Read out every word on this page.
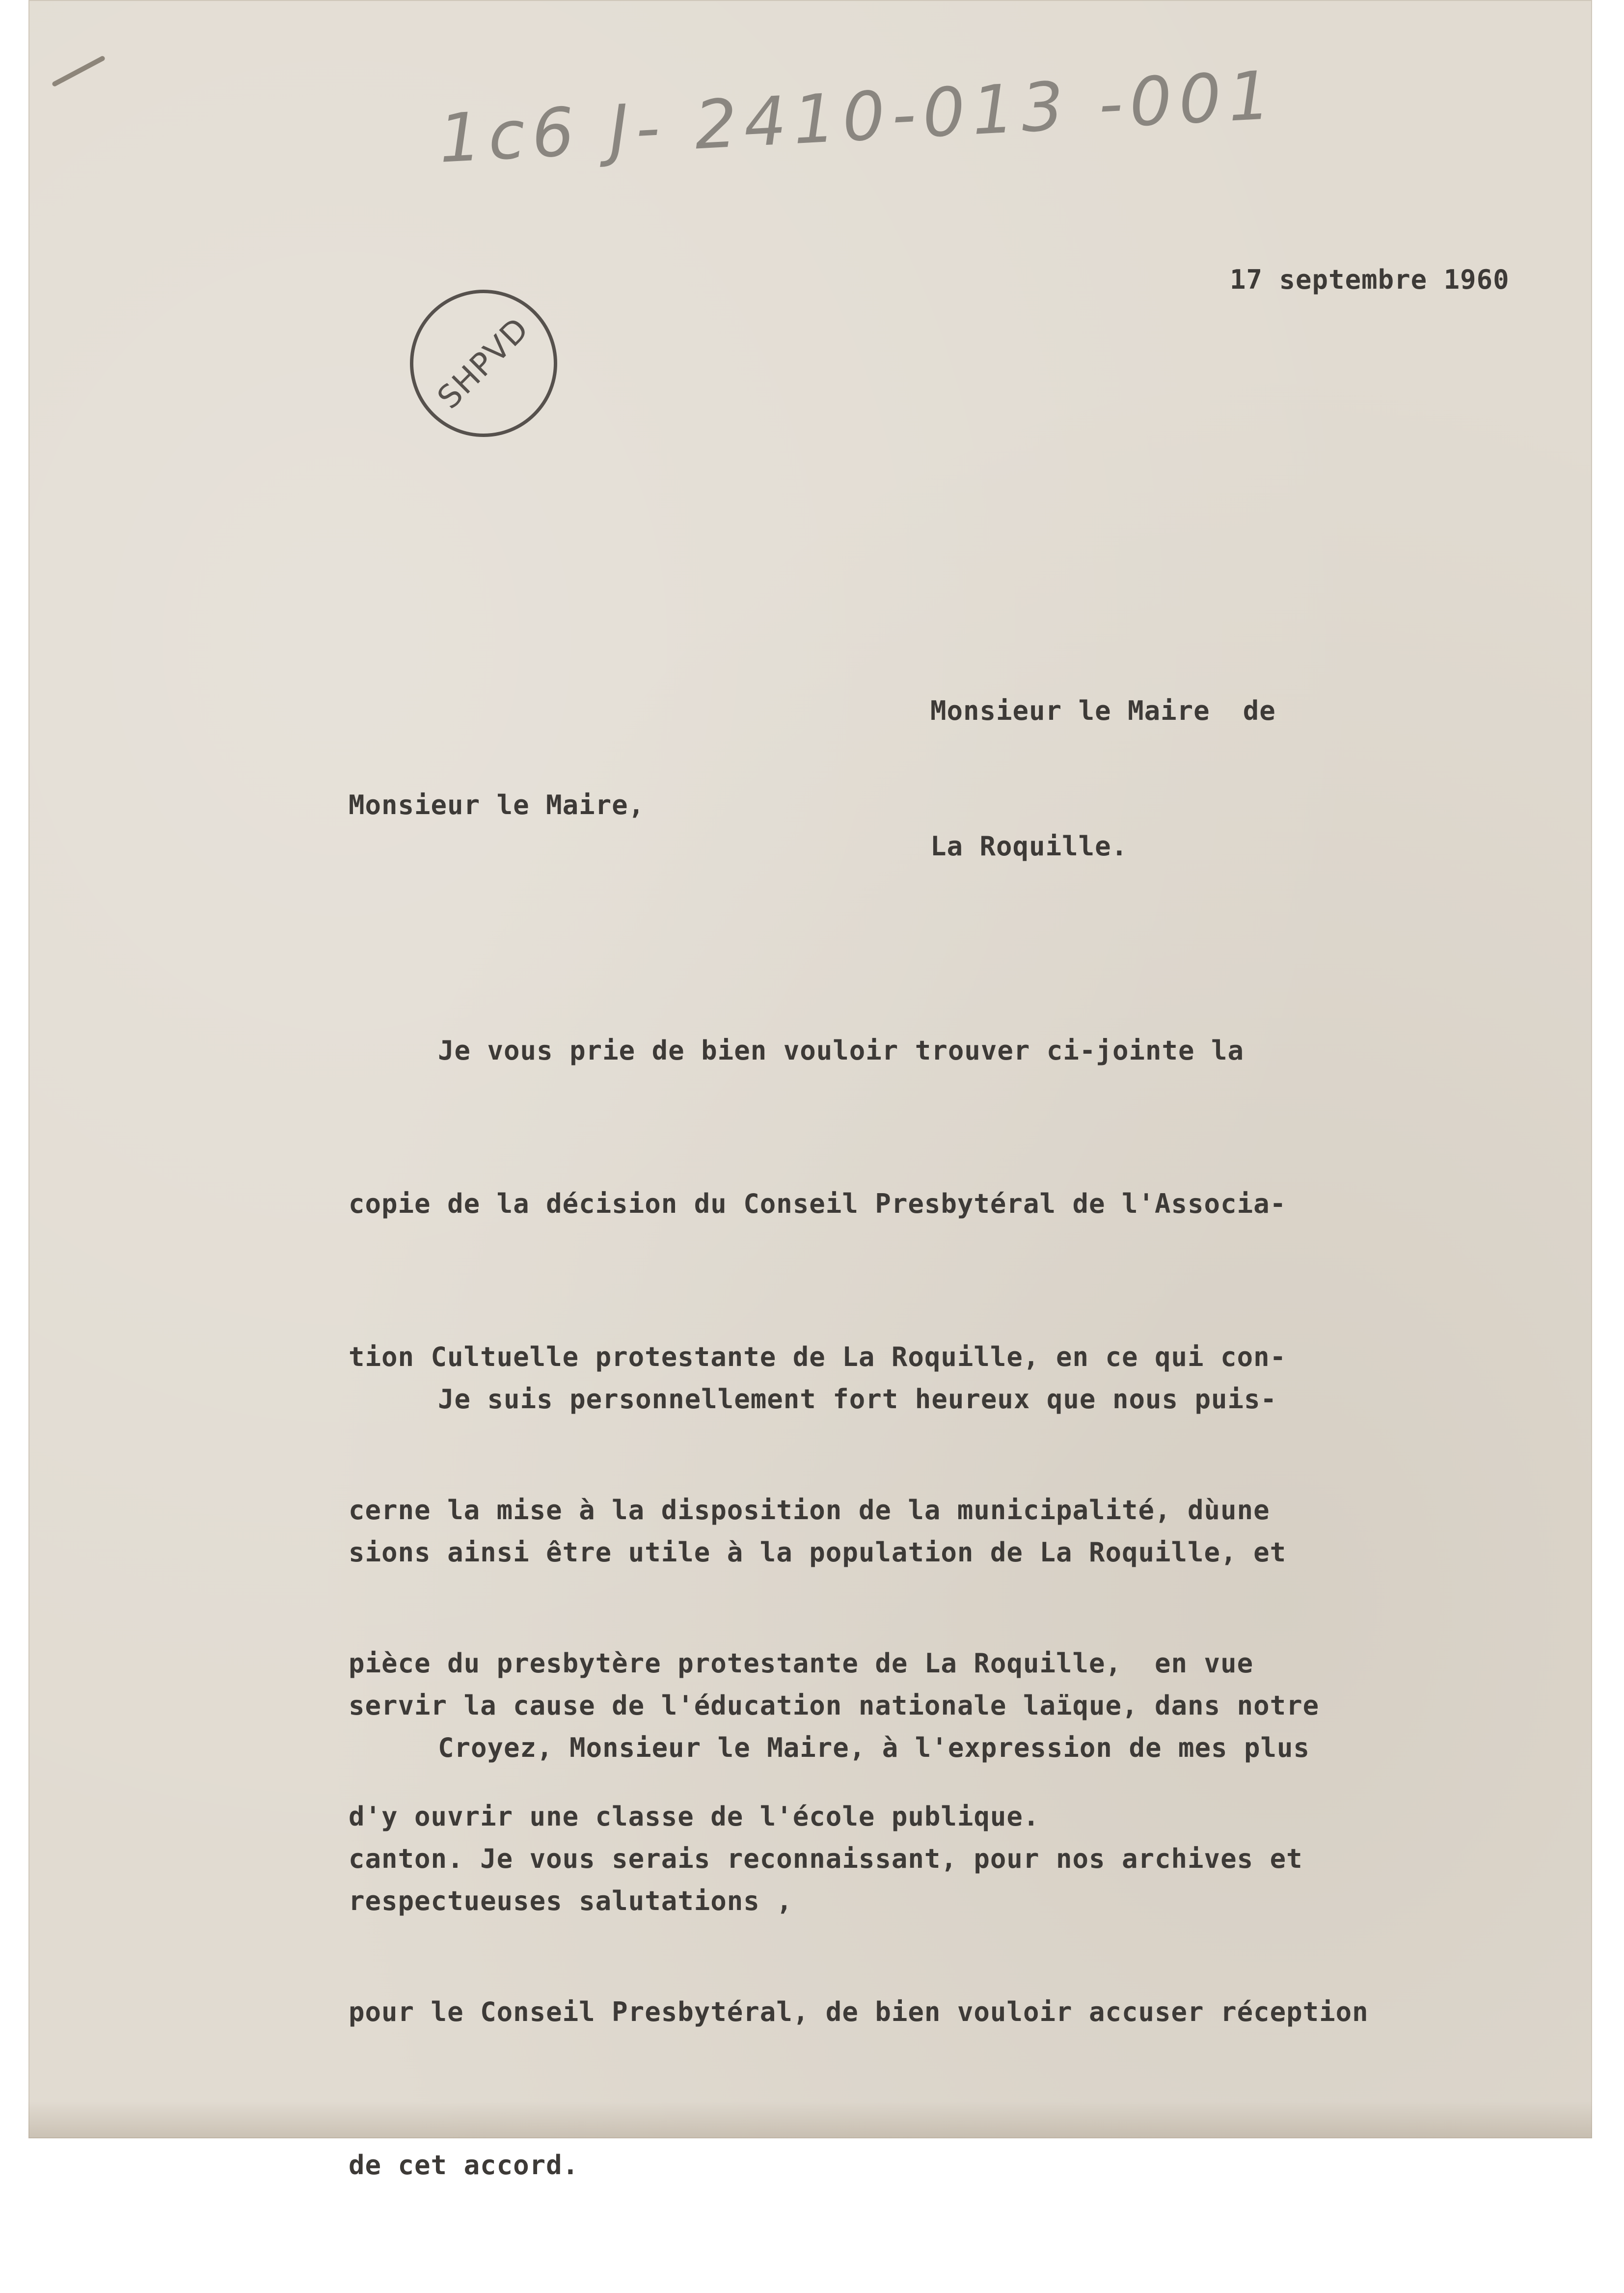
1c6 J- 2410-013 -001
SHPVD
17 septembre 1960

Monsieur le Maire  de

La Roquille.

Monsieur le Maire,

Je vous prie de bien vouloir trouver ci-jointe la

copie de la décision du Conseil Presbytéral de l'Associa-

tion Cultuelle protestante de La Roquille, en ce qui con-

cerne la mise à la disposition de la municipalité, dùune

pièce du presbytère protestante de La Roquille,  en vue

d'y ouvrir une classe de l'école publique.

Je suis personnellement fort heureux que nous puis-

sions ainsi être utile à la population de La Roquille, et

servir la cause de l'éducation nationale laïque, dans notre

canton. Je vous serais reconnaissant, pour nos archives et

pour le Conseil Presbytéral, de bien vouloir accuser réception

de cet accord.

Croyez, Monsieur le Maire, à l'expression de mes plus

respectueuses salutations ,
